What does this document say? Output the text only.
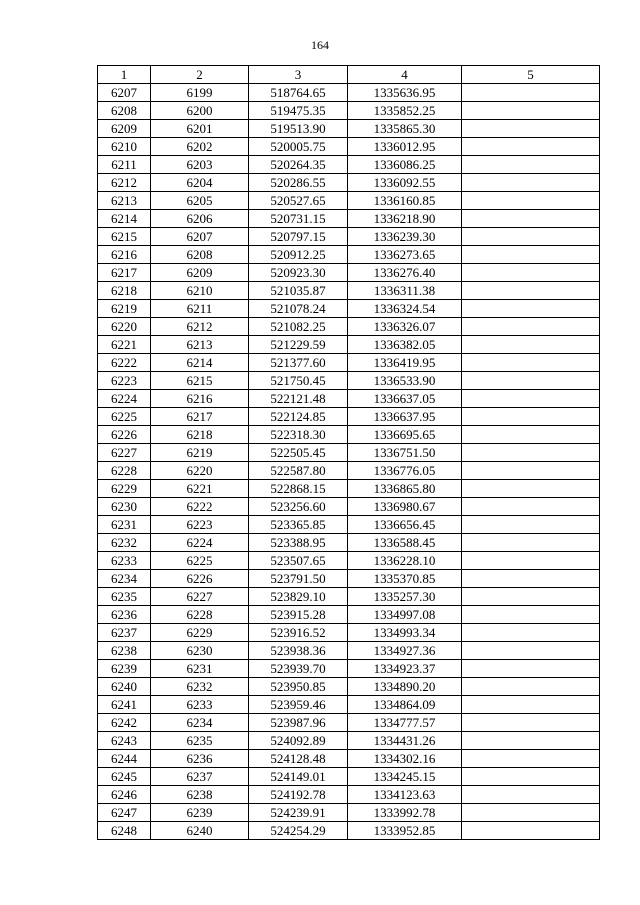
164
1	2	3	4	5
6207	6199	518764.65	1335636.95	
6208	6200	519475.35	1335852.25	
6209	6201	519513.90	1335865.30	
6210	6202	520005.75	1336012.95	
6211	6203	520264.35	1336086.25	
6212	6204	520286.55	1336092.55	
6213	6205	520527.65	1336160.85	
6214	6206	520731.15	1336218.90	
6215	6207	520797.15	1336239.30	
6216	6208	520912.25	1336273.65	
6217	6209	520923.30	1336276.40	
6218	6210	521035.87	1336311.38	
6219	6211	521078.24	1336324.54	
6220	6212	521082.25	1336326.07	
6221	6213	521229.59	1336382.05	
6222	6214	521377.60	1336419.95	
6223	6215	521750.45	1336533.90	
6224	6216	522121.48	1336637.05	
6225	6217	522124.85	1336637.95	
6226	6218	522318.30	1336695.65	
6227	6219	522505.45	1336751.50	
6228	6220	522587.80	1336776.05	
6229	6221	522868.15	1336865.80	
6230	6222	523256.60	1336980.67	
6231	6223	523365.85	1336656.45	
6232	6224	523388.95	1336588.45	
6233	6225	523507.65	1336228.10	
6234	6226	523791.50	1335370.85	
6235	6227	523829.10	1335257.30	
6236	6228	523915.28	1334997.08	
6237	6229	523916.52	1334993.34	
6238	6230	523938.36	1334927.36	
6239	6231	523939.70	1334923.37	
6240	6232	523950.85	1334890.20	
6241	6233	523959.46	1334864.09	
6242	6234	523987.96	1334777.57	
6243	6235	524092.89	1334431.26	
6244	6236	524128.48	1334302.16	
6245	6237	524149.01	1334245.15	
6246	6238	524192.78	1334123.63	
6247	6239	524239.91	1333992.78	
6248	6240	524254.29	1333952.85	
